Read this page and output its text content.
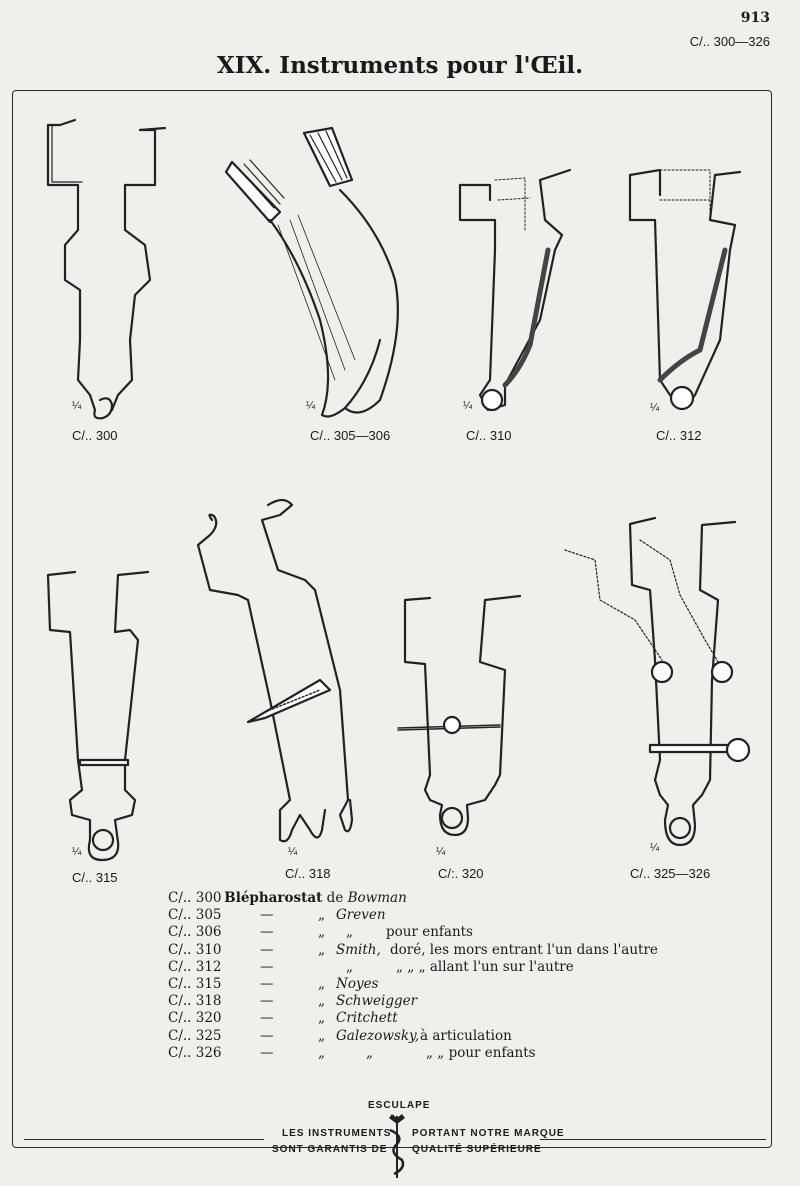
913
C/.. 300—326
XIX. Instruments pour l'Œil.
¼
C/.. 300
¼
C/.. 305—306
¼
C/.. 310
¼
C/.. 312
¼
C/.. 315
¼
C/.. 318
¼
C/:. 320
¼
C/.. 325—326
C/.. 300 Blépharostat de Bowman
C/.. 305	—	„ Greven
C/.. 306	—	„ „ pour enfants
C/.. 310	—	„ Smith, doré, les mors entrant l'un dans l'autre
C/.. 312	—	„	„ „ „ allant l'un sur l'autre
C/.. 315	—	„ Noyes
C/.. 318	—	„ Schweigger
C/.. 320	—	„ Critchett
C/.. 325	—	„ Galezowsky, à articulation
C/.. 326	—	„	„	„ „ pour enfants
ESCULAPE
LES INSTRUMENTS
SONT GARANTIS DE
PORTANT NOTRE MARQUE
QUALITÉ SUPÉRIEURE
